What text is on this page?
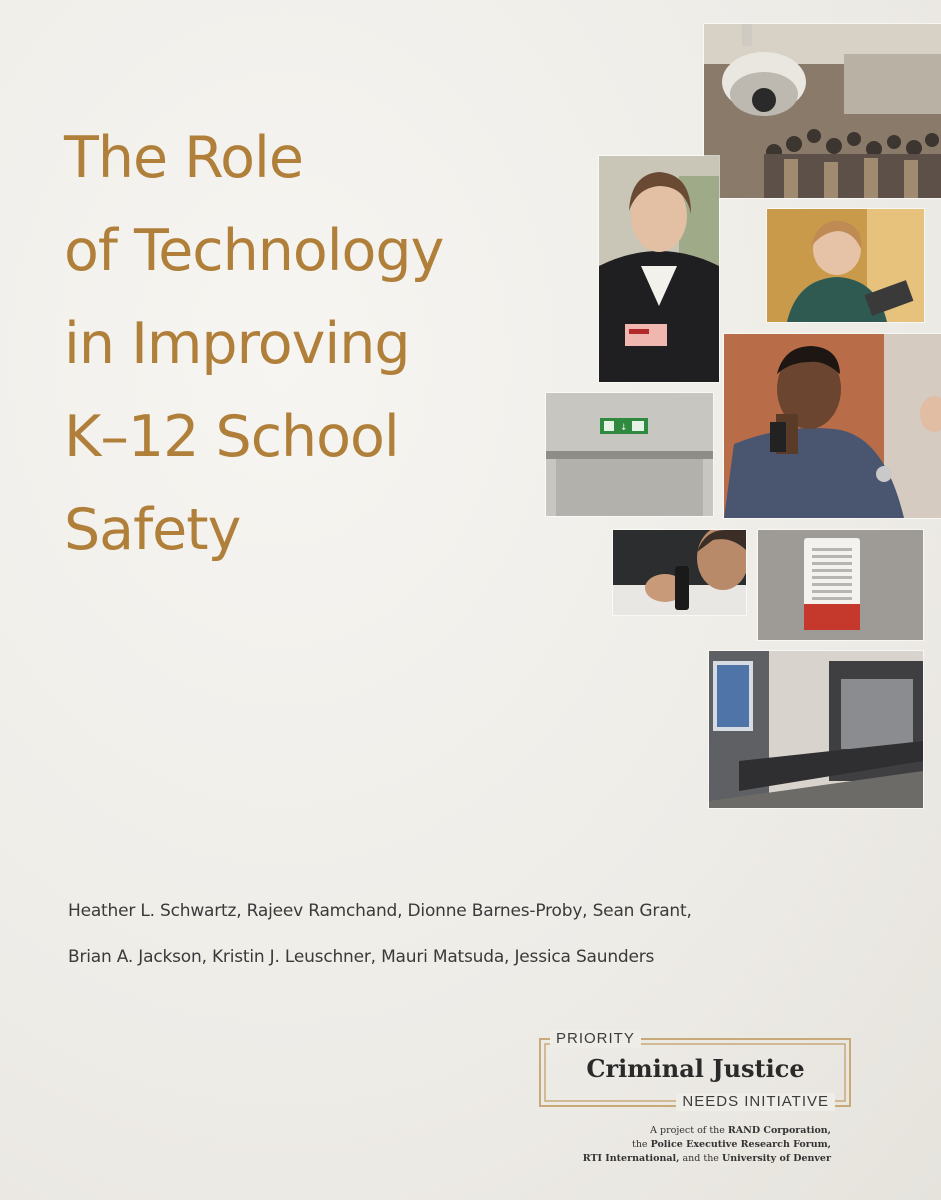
The Role
of Technology
in Improving
K–12 School
Safety
↓
Heather L. Schwartz, Rajeev Ramchand, Dionne Barnes-Proby, Sean Grant,
Brian A. Jackson, Kristin J. Leuschner, Mauri Matsuda, Jessica Saunders
PRIORITY
Criminal Justice
NEEDS INITIATIVE
A project of the RAND Corporation,
the Police Executive Research Forum,
RTI International, and the University of Denver
